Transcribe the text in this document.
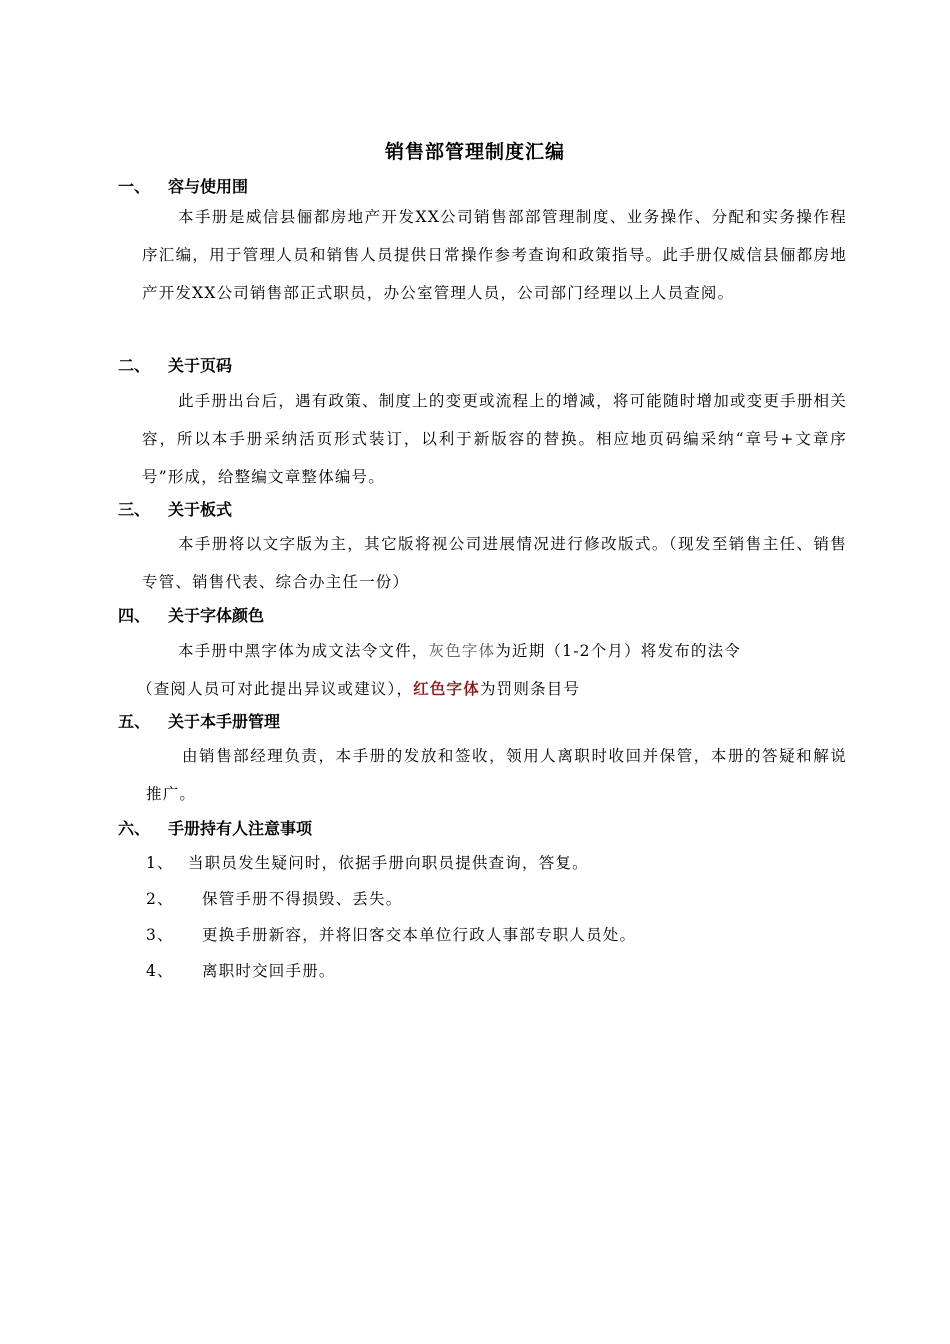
销售部管理制度汇编
一、 容与使用围
本手册是威信县俪都房地产开发XX公司销售部部管理制度、业务操作、分配和实务操作程序汇编，用于管理人员和销售人员提供日常操作参考查询和政策指导。此手册仅威信县俪都房地产开发XX公司销售部正式职员，办公室管理人员，公司部门经理以上人员查阅。
二、 关于页码
此手册出台后，遇有政策、制度上的变更或流程上的增减，将可能随时增加或变更手册相关容，所以本手册采纳活页形式装订，以利于新版容的替换。相应地页码编采纳“章号+文章序号”形成，给整编文章整体编号。
三、 关于板式
本手册将以文字版为主，其它版将视公司进展情况进行修改版式。（现发至销售主任、销售专管、销售代表、综合办主任一份）
四、 关于字体颜色
本手册中黑字体为成文法令文件，灰色字体为近期（1-2个月）将发布的法令
（查阅人员可对此提出异议或建议），红色字体为罚则条目号
五、 关于本手册管理
由销售部经理负责，本手册的发放和签收，领用人离职时收回并保管，本册的答疑和解说推广。
六、 手册持有人注意事项
1、 当职员发生疑问时，依据手册向职员提供查询，答复。
2、 保管手册不得损毁、丢失。
3、 更换手册新容，并将旧客交本单位行政人事部专职人员处。
4、 离职时交回手册。
